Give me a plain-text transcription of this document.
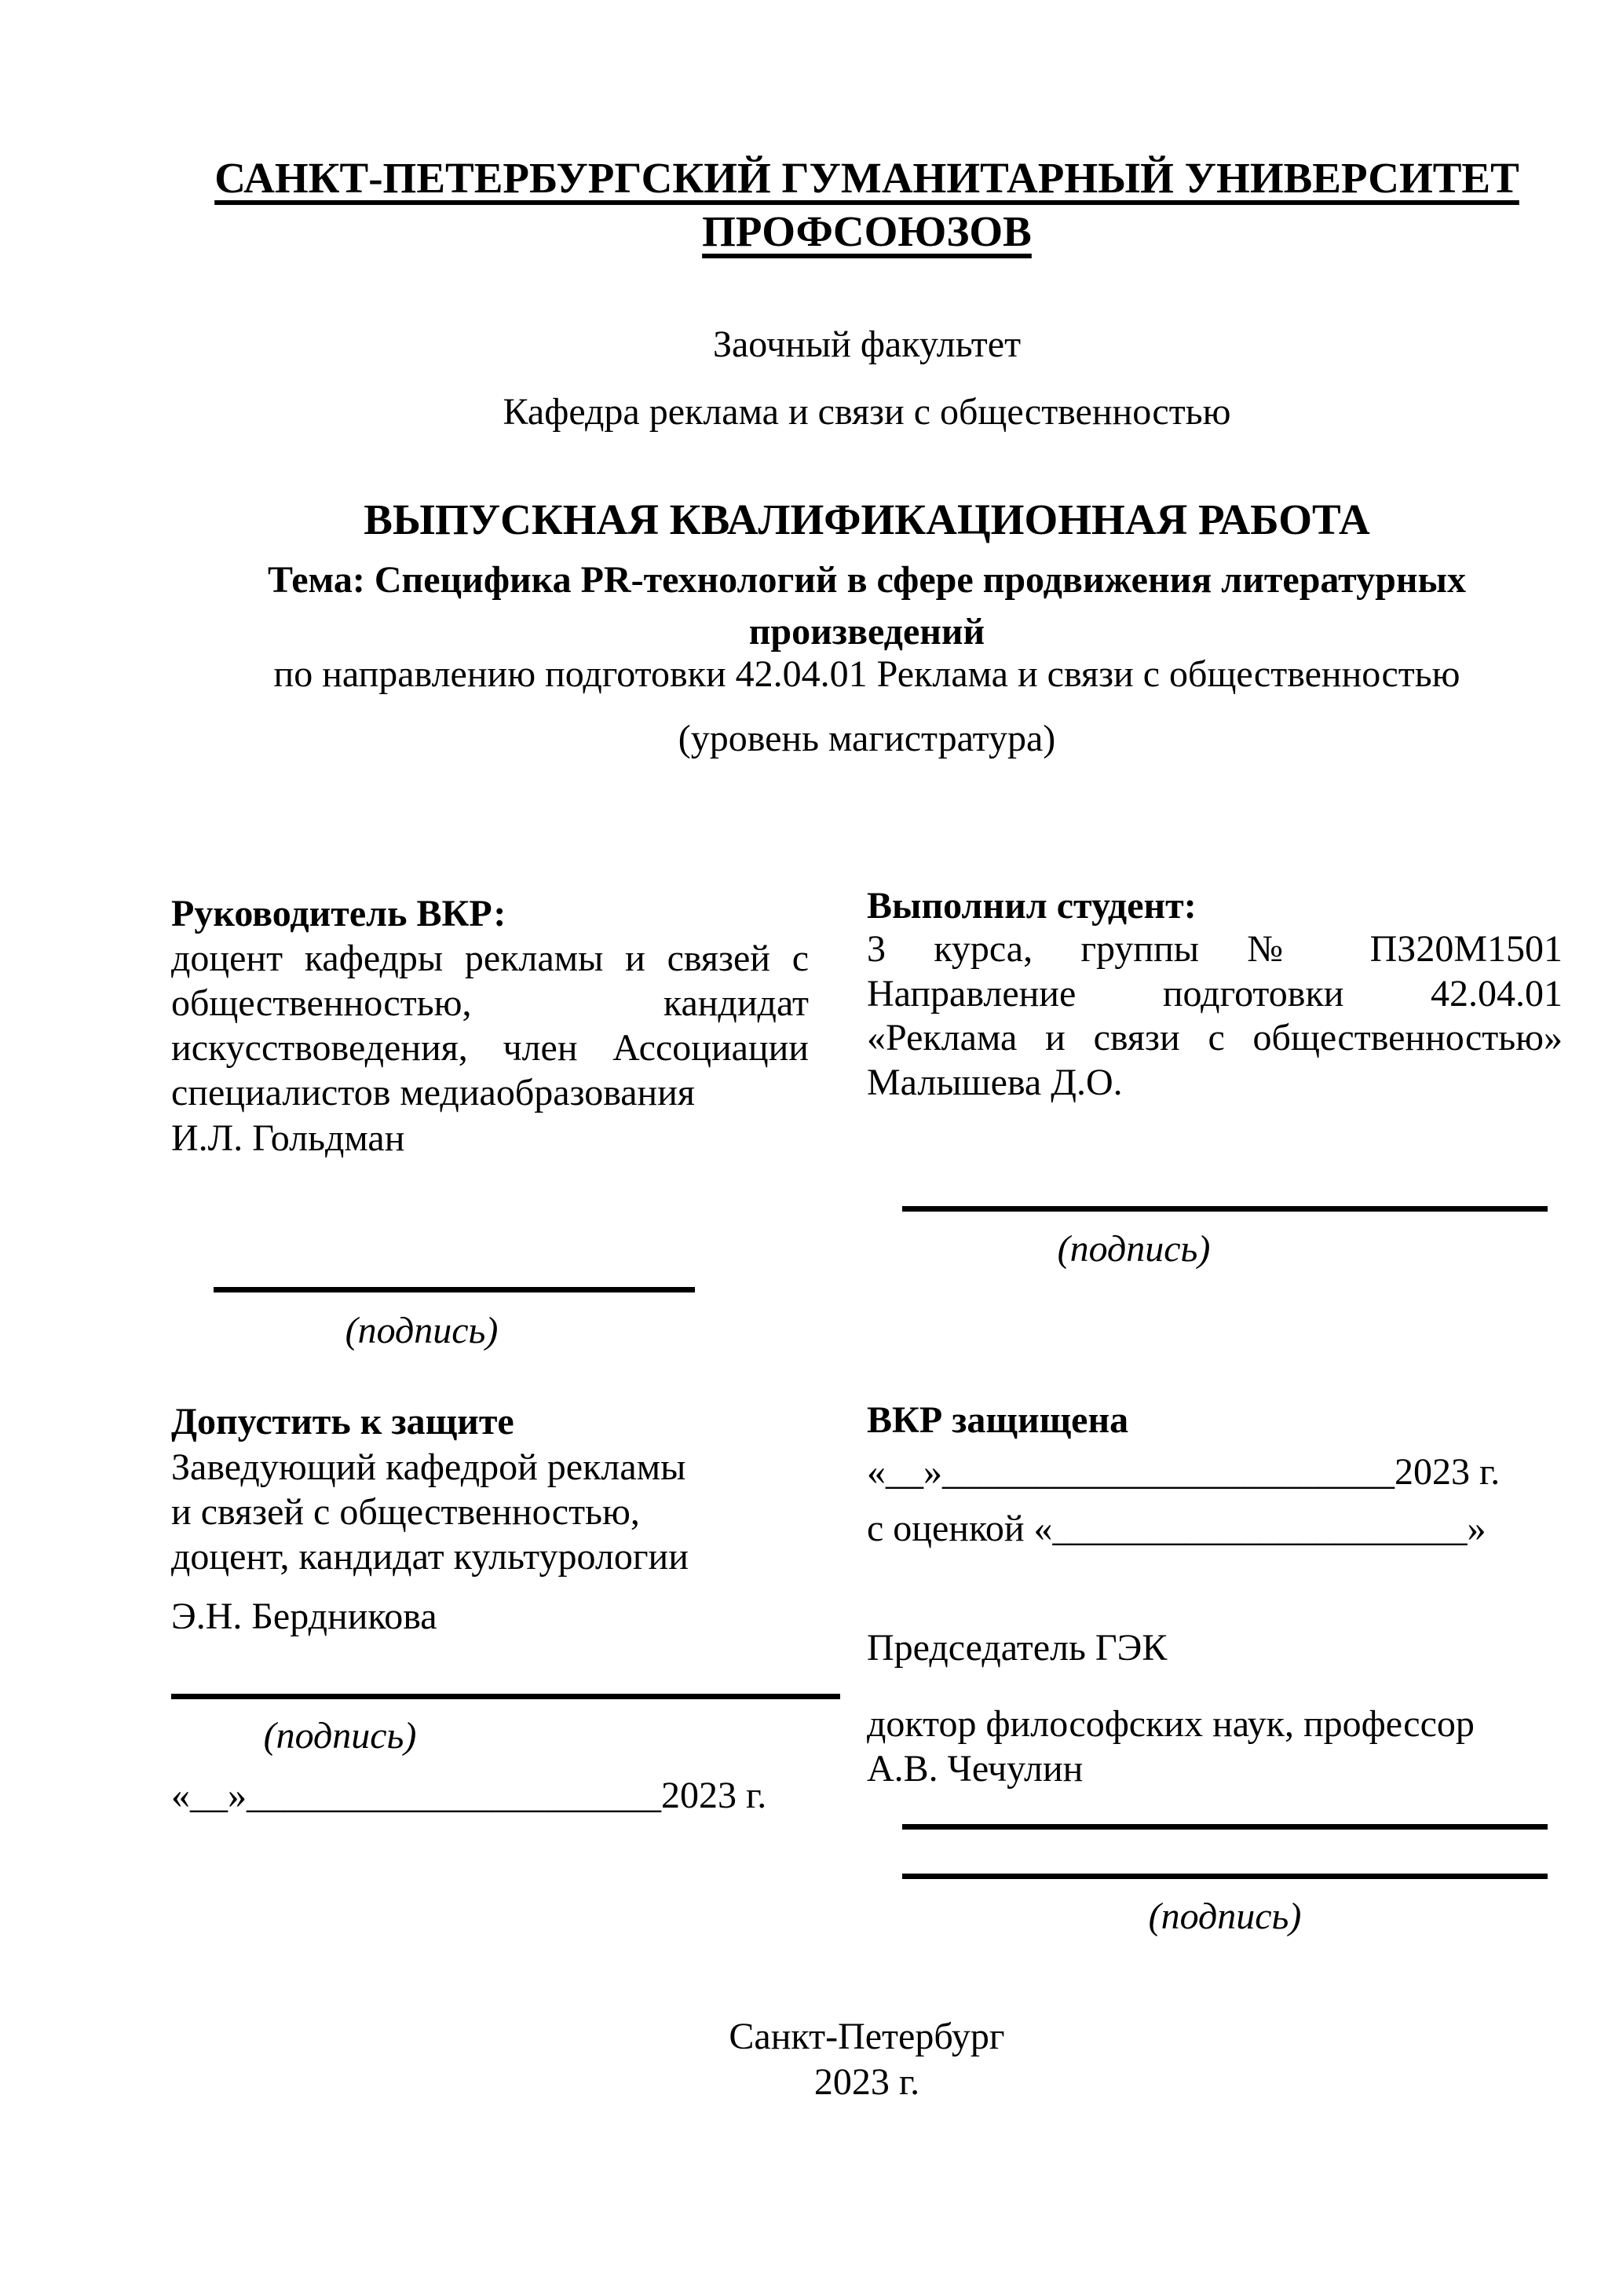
САНКТ-ПЕТЕРБУРГСКИЙ ГУМАНИТАРНЫЙ УНИВЕРСИТЕТ
ПРОФСОЮЗОВ
Заочный факультет
Кафедра реклама и связи с общественностью
ВЫПУСКНАЯ КВАЛИФИКАЦИОННАЯ РАБОТА
Тема: Специфика PR-технологий в сфере продвижения литературных
произведений
по направлению подготовки 42.04.01 Реклама и связи с общественностью
(уровень магистратура)
Руководитель ВКР:
доцент кафедры рекламы и связей с общественностью, кандидат искусствоведения, член Ассоциации специалистов медиаобразования
И.Л. Гольдман
(подпись)
Допустить к защите
Заведующий кафедрой рекламы
и связей с общественностью,
доцент, кандидат культурологии
Э.Н. Бердникова
(подпись)
«__»______________________2023 г.
Выполнил студент:
3 курса, группы № ПЗ20М1501
Направление подготовки 42.04.01
«Реклама и связи с общественностью»
Малышева Д.О.
(подпись)
ВКР защищена
«__»________________________2023 г.
с оценкой «______________________»
Председатель ГЭК
доктор философских наук, профессор
А.В. Чечулин
(подпись)
Санкт-Петербург
2023 г.
